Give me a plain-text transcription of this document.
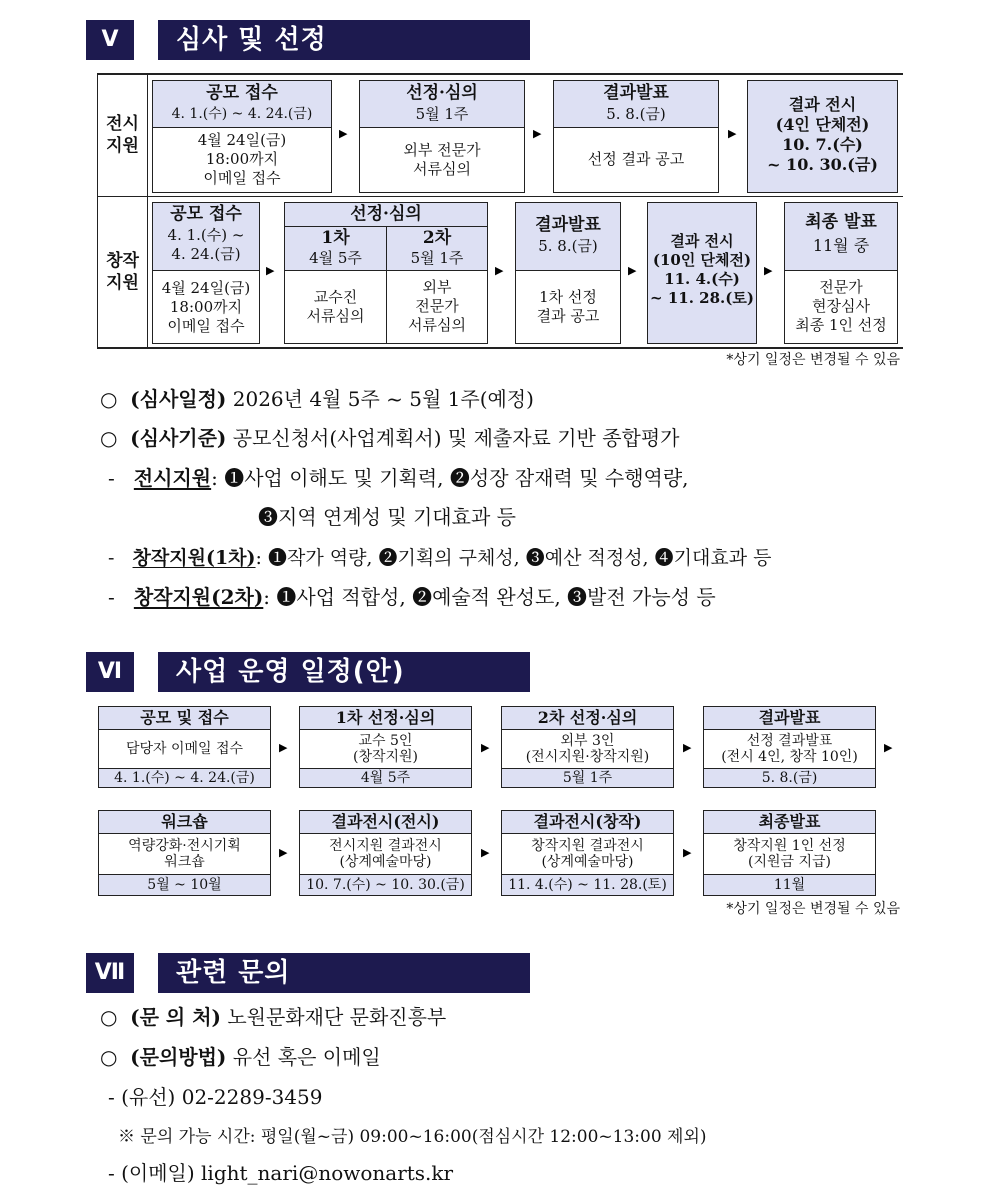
Ⅴ	심사 및 선정
전시
지원
창작
지원
공모 접수
4. 1.(수) ~ 4. 24.(금)
4월 24일(금)
18:00까지
이메일 접수
▶
선정·심의
5월 1주
외부 전문가
서류심의
▶
결과발표
5. 8.(금)
선정 결과 공고
▶
결과 전시
(4인 단체전)
10. 7.(수)
~ 10. 30.(금)
공모 접수
4. 1.(수) ~
4. 24.(금)
4월 24일(금)
18:00까지
이메일 접수
▶
선정·심의
1차
4월 5주
2차
5월 1주
교수진
서류심의
외부
전문가
서류심의
▶
결과발표
5. 8.(금)
1차 선정
결과 공고
▶
결과 전시
(10인 단체전)
11. 4.(수)
~ 11. 28.(토)
▶
최종 발표
11월 중
전문가
현장심사
최종 1인 선정
*상기 일정은 변경될 수 있음
○ (심사일정) 2026년 4월 5주 ~ 5월 1주(예정)
○ (심사기준) 공모신청서(사업계획서) 및 제출자료 기반 종합평가
- 전시지원: ❶사업 이해도 및 기획력, ❷성장 잠재력 및 수행역량,
❸지역 연계성 및 기대효과 등
- 창작지원(1차): ❶작가 역량, ❷기획의 구체성, ❸예산 적정성, ❹기대효과 등
- 창작지원(2차): ❶사업 적합성, ❷예술적 완성도, ❸발전 가능성 등
Ⅵ	사업 운영 일정(안)
공모 및 접수
담당자 이메일 접수
4. 1.(수) ~ 4. 24.(금)
▶
1차 선정·심의
교수 5인
(창작지원)
4월 5주
▶
2차 선정·심의
외부 3인
(전시지원·창작지원)
5월 1주
▶
결과발표
선정 결과발표
(전시 4인, 창작 10인)
5. 8.(금)
▶
워크숍
역량강화·전시기획
워크숍
5월 ~ 10월
▶
결과전시(전시)
전시지원 결과전시
(상계예술마당)
10. 7.(수) ~ 10. 30.(금)
▶
결과전시(창작)
창작지원 결과전시
(상계예술마당)
11. 4.(수) ~ 11. 28.(토)
▶
최종발표
창작지원 1인 선정
(지원금 지급)
11월
*상기 일정은 변경될 수 있음
Ⅶ	관련 문의
○ (문 의 처) 노원문화재단 문화진흥부
○ (문의방법) 유선 혹은 이메일
- (유선) 02-2289-3459
※ 문의 가능 시간: 평일(월~금) 09:00~16:00(점심시간 12:00~13:00 제외)
- (이메일) light_nari@nowonarts.kr
